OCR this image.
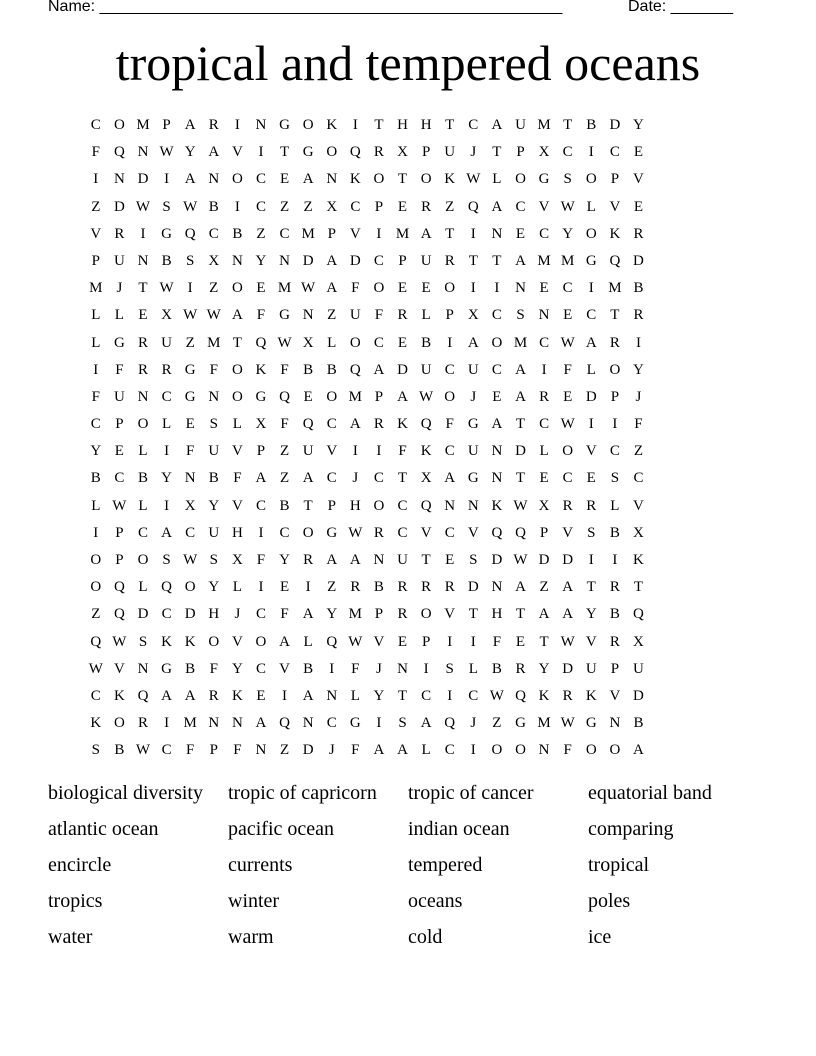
Name: ____________________________________________________	Date: _______
tropical and tempered oceans
C O M P A R	I	N G O K	I	T H H T C A U M T B D Y
F Q N W Y A V	I	T G O Q R X P U	J	T P X C	I	C E
I	N D	I	A N O C E A N K O T O K W L O G S O P V
Z D W S W B	I	C Z Z X C P E R Z Q A C V W L V E
V R	I	G Q C B Z C M P V	I M A T	I	N E C Y O K R
P U N B S X N Y N D A D C P U R T T A M M G Q D
M J	T W I	Z O E M W A F O E E O	I	I	N E C	I M B
L L E X W W A F G N Z U F R L P X C S N E C T R
L G R U Z M T Q W X L O C E B	I	A O M C W A R	I
I	F R R G F O K F B B Q A D U C U C A	I	F L O Y
F U N C G N O G Q E O M P A W O	J	E A R E D P	J
C P O L E S L X F Q C A R K Q F G A T C W I	I	F
Y E L	I	F U V P Z U V	I	I	F K C U N D L O V C Z
B C B Y N B F A Z A C	J	C T X A G N T E C E S C
L W L	I	X Y V C B T P H O C Q N N K W X R R L V
I	P C A C U H	I	C O G W R C V C V Q Q P V S B X
O P O S W S X F Y R A A N U T E S D W D D	I	I	K
O Q L Q O Y L	I	E	I	Z R B R R R D N A Z A T R T
Z Q D C D H	J	C F A Y M P R O V T H T A A Y B Q
Q W S K K O V O A L Q W V E P	I	I	F E T W V R X
W V N G B F Y C V B	I	F	J	N	I	S L B R Y D U P U
C K Q A A R K E	I	A N L Y T C	I	C W Q K R K V D
K O R	I M N N A Q N C G	I	S A Q	J	Z G M W G N B
S B W C F	P	F N Z D	J	F A A L C	I	O O N F O O A
biological diversity	tropic of capricorn	tropic of cancer	equatorial band
atlantic ocean	pacific ocean	indian ocean	comparing
encircle	currents	tempered	tropical
tropics	winter	oceans	poles
water	warm	cold	ice
